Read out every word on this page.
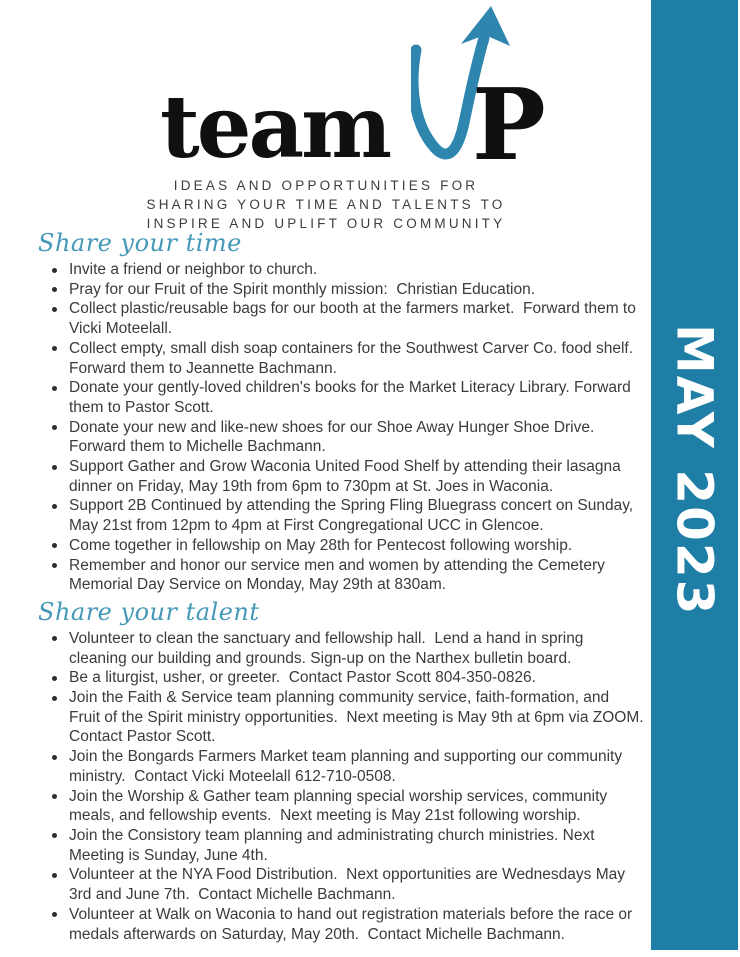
MAY 2023
team P
IDEAS AND OPPORTUNITIES FOR
SHARING YOUR TIME AND TALENTS TO
INSPIRE AND UPLIFT OUR COMMUNITY
Share your time
Invite a friend or neighbor to church.
Pray for our Fruit of the Spirit monthly mission:  Christian Education.
Collect plastic/reusable bags for our booth at the farmers market.  Forward them to Vicki Moteelall.
Collect empty, small dish soap containers for the Southwest Carver Co. food shelf.  Forward them to Jeannette Bachmann.
Donate your gently-loved children's books for the Market Literacy Library. Forward them to Pastor Scott.
Donate your new and like-new shoes for our Shoe Away Hunger Shoe Drive. Forward them to Michelle Bachmann.
Support Gather and Grow Waconia United Food Shelf by attending their lasagna dinner on Friday, May 19th from 6pm to 730pm at St. Joes in Waconia.
Support 2B Continued by attending the Spring Fling Bluegrass concert on Sunday, May 21st from 12pm to 4pm at First Congregational UCC in Glencoe.
Come together in fellowship on May 28th for Pentecost following worship.
Remember and honor our service men and women by attending the Cemetery Memorial Day Service on Monday, May 29th at 830am.
Share your talent
Volunteer to clean the sanctuary and fellowship hall.  Lend a hand in spring cleaning our building and grounds. Sign-up on the Narthex bulletin board.
Be a liturgist, usher, or greeter.  Contact Pastor Scott 804-350-0826.
Join the Faith & Service team planning community service, faith-formation, and Fruit of the Spirit ministry opportunities.  Next meeting is May 9th at 6pm via ZOOM. Contact Pastor Scott.
Join the Bongards Farmers Market team planning and supporting our community ministry.  Contact Vicki Moteelall 612-710-0508.
Join the Worship & Gather team planning special worship services, community meals, and fellowship events.  Next meeting is May 21st following worship.
Join the Consistory team planning and administrating church ministries. Next Meeting is Sunday, June 4th.
Volunteer at the NYA Food Distribution.  Next opportunities are Wednesdays May 3rd and June 7th.  Contact Michelle Bachmann.
Volunteer at Walk on Waconia to hand out registration materials before the race or medals afterwards on Saturday, May 20th.  Contact Michelle Bachmann.
